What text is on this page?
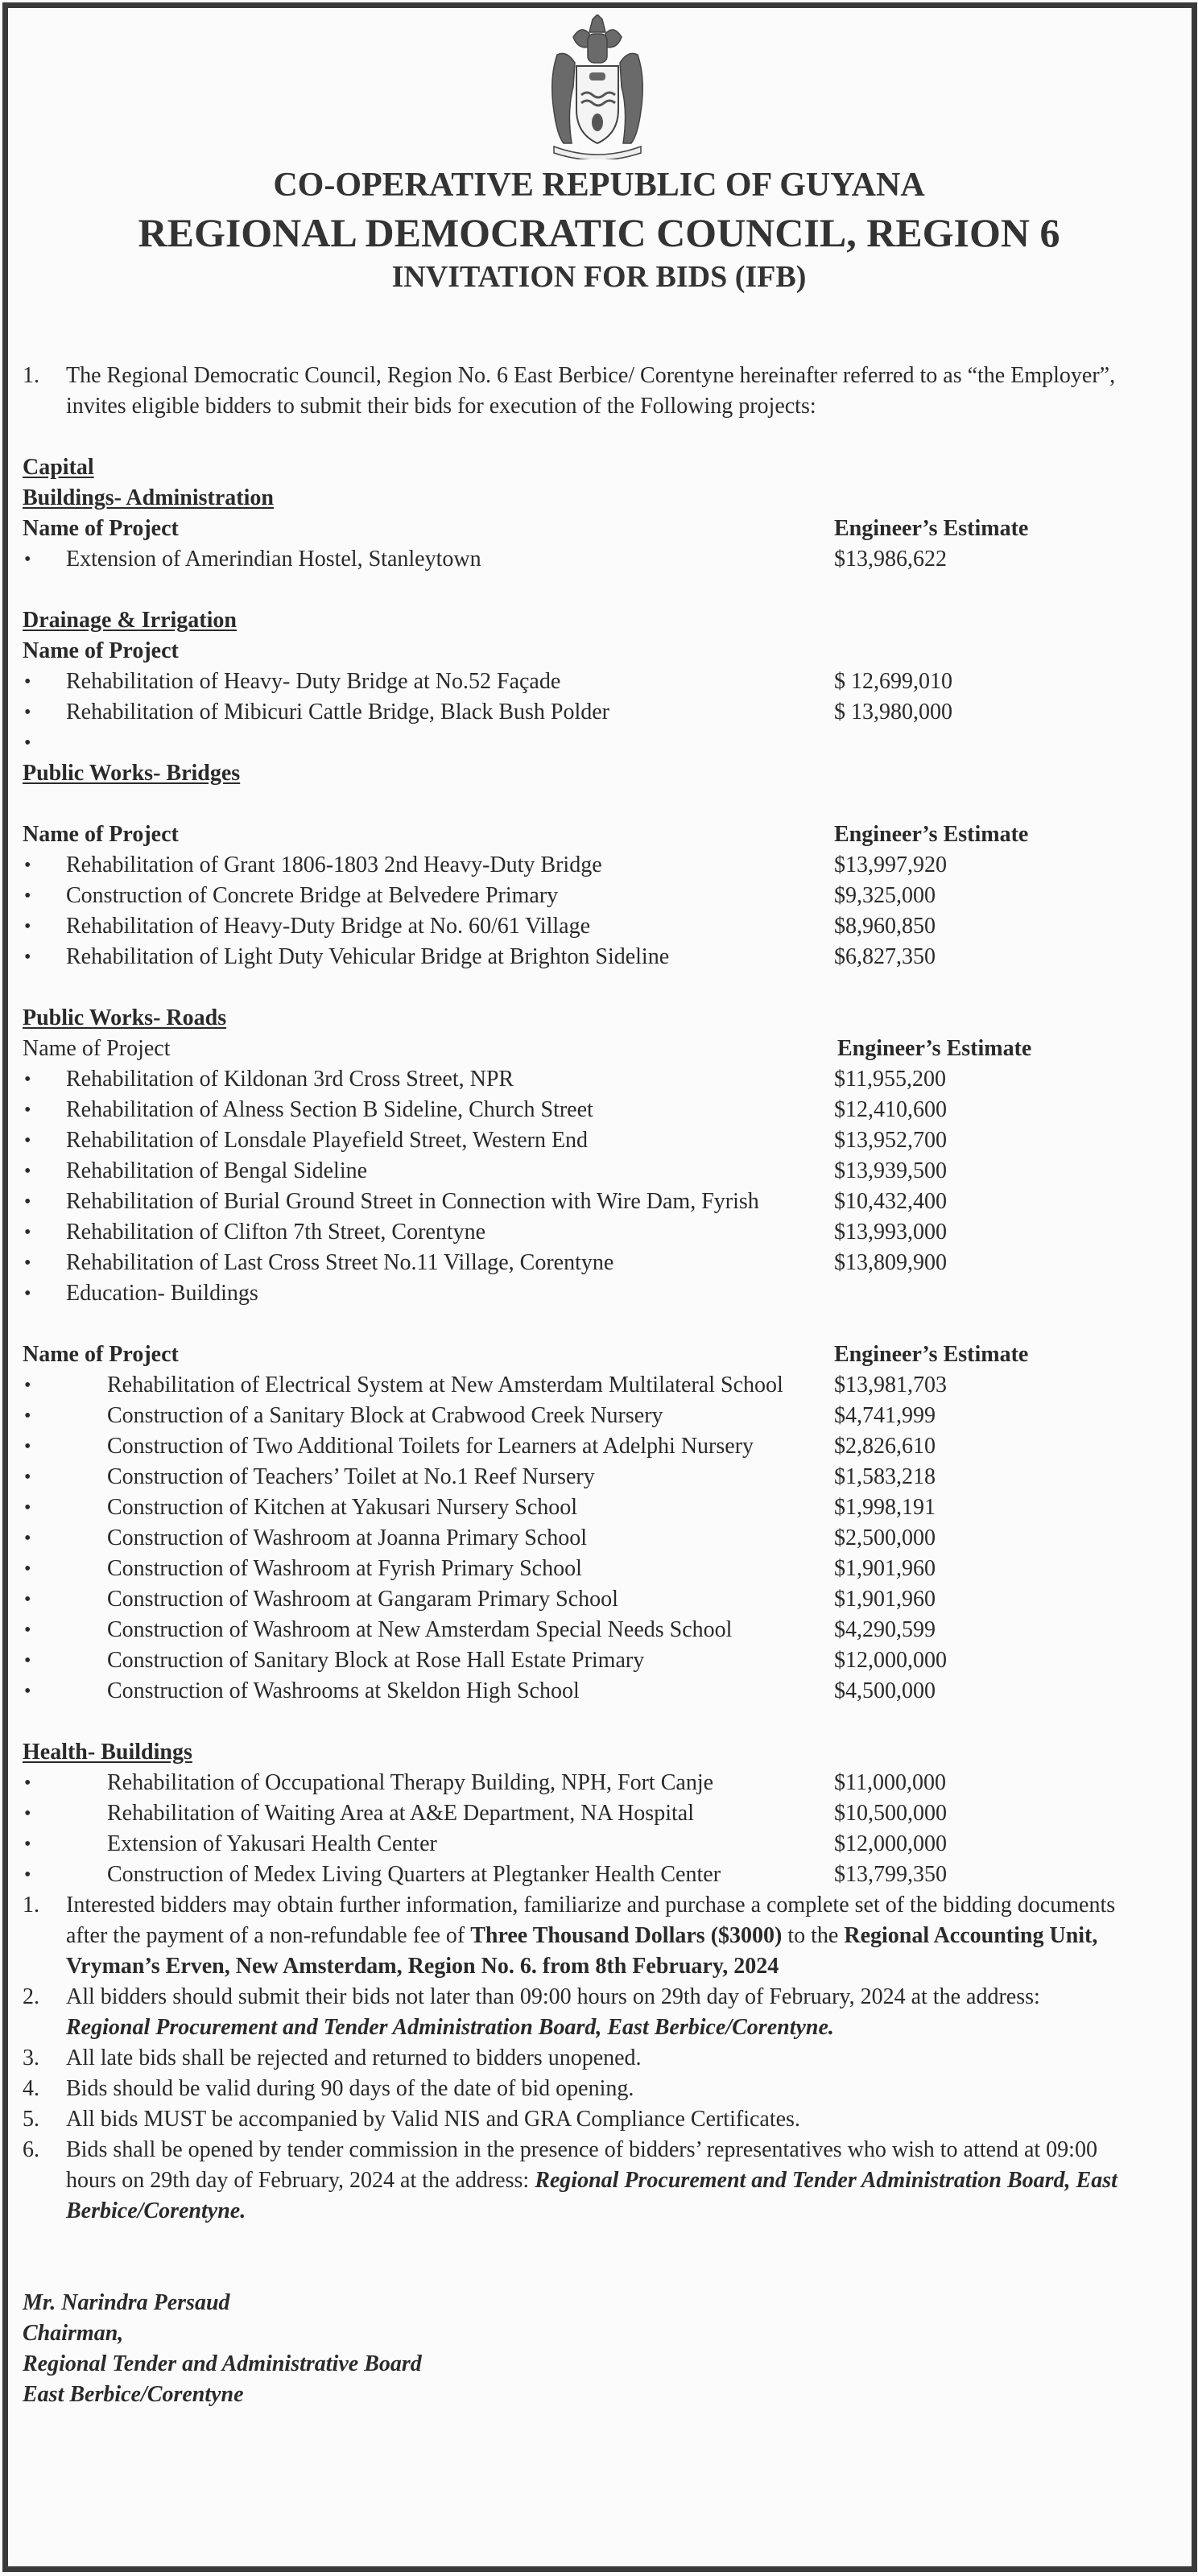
CO-OPERATIVE REPUBLIC OF GUYANA
REGIONAL DEMOCRATIC COUNCIL, REGION 6
INVITATION FOR BIDS (IFB)
1. The Regional Democratic Council, Region No. 6 East Berbice/ Corentyne hereinafter referred to as “the Employer”,
invites eligible bidders to submit their bids for execution of the Following projects:
Capital
Buildings- Administration
Name of Project	Engineer’s Estimate
• Extension of Amerindian Hostel, Stanleytown	$13,986,622
Drainage & Irrigation
Name of Project
• Rehabilitation of Heavy- Duty Bridge at No.52 Façade	$ 12,699,010
• Rehabilitation of Mibicuri Cattle Bridge, Black Bush Polder	$ 13,980,000
•
Public Works- Bridges
Name of Project	Engineer’s Estimate
• Rehabilitation of Grant 1806-1803 2nd Heavy-Duty Bridge	$13,997,920
• Construction of Concrete Bridge at Belvedere Primary	$9,325,000
• Rehabilitation of Heavy-Duty Bridge at No. 60/61 Village	$8,960,850
• Rehabilitation of Light Duty Vehicular Bridge at Brighton Sideline	$6,827,350
Public Works- Roads
Name of Project	Engineer’s Estimate
• Rehabilitation of Kildonan 3rd Cross Street, NPR	$11,955,200
• Rehabilitation of Alness Section B Sideline, Church Street	$12,410,600
• Rehabilitation of Lonsdale Playefield Street, Western End	$13,952,700
• Rehabilitation of Bengal Sideline	$13,939,500
• Rehabilitation of Burial Ground Street in Connection with Wire Dam, Fyrish	$10,432,400
• Rehabilitation of Clifton 7th Street, Corentyne	$13,993,000
• Rehabilitation of Last Cross Street No.11 Village, Corentyne	$13,809,900
• Education- Buildings
Name of Project	Engineer’s Estimate
• Rehabilitation of Electrical System at New Amsterdam Multilateral School $13,981,703
• Construction of a Sanitary Block at Crabwood Creek Nursery	$4,741,999
• Construction of Two Additional Toilets for Learners at Adelphi Nursery	$2,826,610
• Construction of Teachers’ Toilet at No.1 Reef Nursery	$1,583,218
• Construction of Kitchen at Yakusari Nursery School	$1,998,191
• Construction of Washroom at Joanna Primary School	$2,500,000
• Construction of Washroom at Fyrish Primary School	$1,901,960
• Construction of Washroom at Gangaram Primary School	$1,901,960
• Construction of Washroom at New Amsterdam Special Needs School	$4,290,599
• Construction of Sanitary Block at Rose Hall Estate Primary	$12,000,000
• Construction of Washrooms at Skeldon High School	$4,500,000
Health- Buildings
• Rehabilitation of Occupational Therapy Building, NPH, Fort Canje	$11,000,000
• Rehabilitation of Waiting Area at A&E Department, NA Hospital	$10,500,000
• Extension of Yakusari Health Center	$12,000,000
• Construction of Medex Living Quarters at Plegtanker Health Center	$13,799,350
1. Interested bidders may obtain further information, familiarize and purchase a complete set of the bidding documents
after the payment of a non-refundable fee of Three Thousand Dollars ($3000) to the Regional Accounting Unit,
Vryman’s Erven, New Amsterdam, Region No. 6. from 8th February, 2024
2. All bidders should submit their bids not later than 09:00 hours on 29th day of February, 2024 at the address:
Regional Procurement and Tender Administration Board, East Berbice/Corentyne.
3. All late bids shall be rejected and returned to bidders unopened.
4. Bids should be valid during 90 days of the date of bid opening.
5. All bids MUST be accompanied by Valid NIS and GRA Compliance Certificates.
6. Bids shall be opened by tender commission in the presence of bidders’ representatives who wish to attend at 09:00
hours on 29th day of February, 2024 at the address: Regional Procurement and Tender Administration Board, East
Berbice/Corentyne.
Mr. Narindra Persaud
Chairman,
Regional Tender and Administrative Board
East Berbice/Corentyne
